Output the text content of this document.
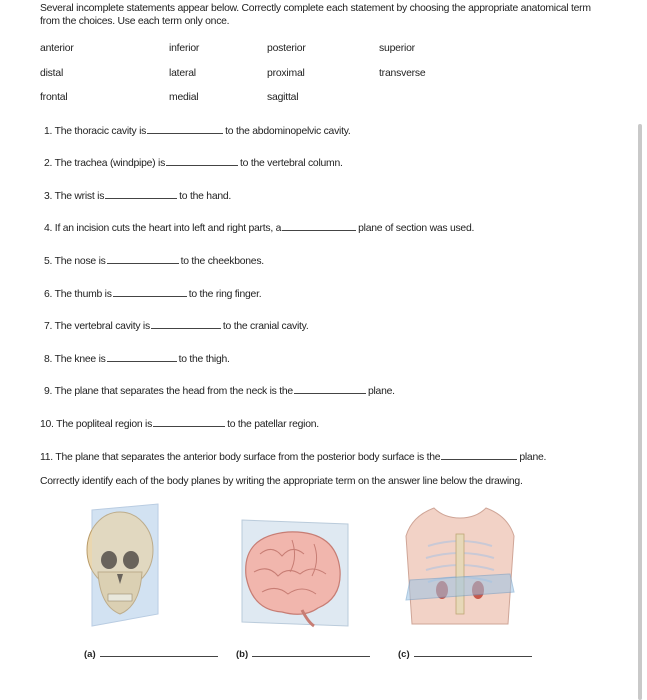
Several incomplete statements appear below. Correctly complete each statement by choosing the appropriate anatomical term from the choices. Use each term only once.
anterior	inferior	posterior	superior
distal	lateral	proximal	transverse
frontal	medial	sagittal
1. The thoracic cavity is	to the abdominopelvic cavity.
2. The trachea (windpipe) is	to the vertebral column.
3. The wrist is	to the hand.
4. If an incision cuts the heart into left and right parts, a	plane of section was used.
5. The nose is	to the cheekbones.
6. The thumb is	to the ring finger.
7. The vertebral cavity is	to the cranial cavity.
8. The knee is	to the thigh.
9. The plane that separates the head from the neck is the	plane.
10. The popliteal region is	to the patellar region.
11. The plane that separates the anterior body surface from the posterior body surface is the	plane.
Correctly identify each of the body planes by writing the appropriate term on the answer line below the drawing.
(a)	(b)	(c)
